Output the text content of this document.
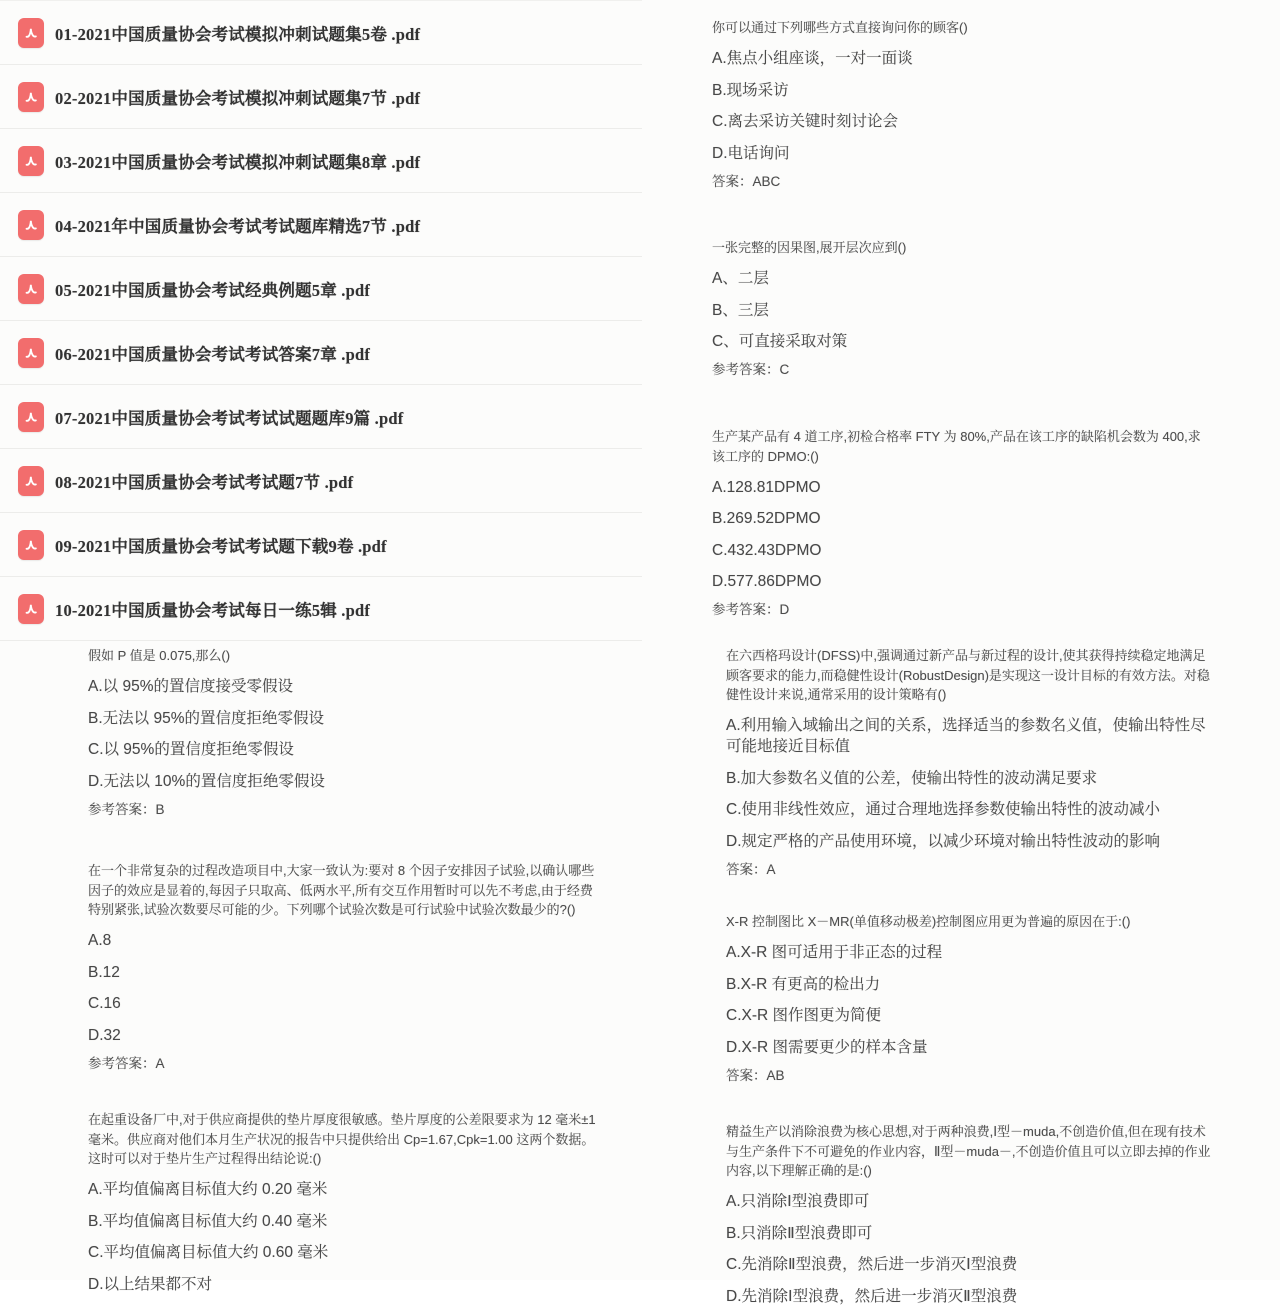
01-2021中国质量协会考试模拟冲刺试题集5卷 .pdf
02-2021中国质量协会考试模拟冲刺试题集7节 .pdf
03-2021中国质量协会考试模拟冲刺试题集8章 .pdf
04-2021年中国质量协会考试考试题库精选7节 .pdf
05-2021中国质量协会考试经典例题5章 .pdf
06-2021中国质量协会考试考试答案7章 .pdf
07-2021中国质量协会考试考试试题题库9篇 .pdf
08-2021中国质量协会考试考试题7节 .pdf
09-2021中国质量协会考试考试题下载9卷 .pdf
10-2021中国质量协会考试每日一练5辑 .pdf
假如 P 值是 0.075,那么()
A.以 95%的置信度接受零假设
B.无法以 95%的置信度拒绝零假设
C.以 95%的置信度拒绝零假设
D.无法以 10%的置信度拒绝零假设
参考答案：B
在一个非常复杂的过程改造项目中,大家一致认为:要对 8 个因子安排因子试验,以确认哪些因子的效应是显着的,每因子只取高、低两水平,所有交互作用暂时可以先不考虑,由于经费特别紧张,试验次数要尽可能的少。下列哪个试验次数是可行试验中试验次数最少的?()
A.8
B.12
C.16
D.32
参考答案：A
在起重设备厂中,对于供应商提供的垫片厚度很敏感。垫片厚度的公差限要求为 12 毫米±1 毫米。供应商对他们本月生产状况的报告中只提供给出 Cp=1.67,Cpk=1.00 这两个数据。这时可以对于垫片生产过程得出结论说:()
A.平均值偏离目标值大约 0.20 毫米
B.平均值偏离目标值大约 0.40 毫米
C.平均值偏离目标值大约 0.60 毫米
D.以上结果都不对
你可以通过下列哪些方式直接询问你的顾客()
A.焦点小组座谈，一对一面谈
B.现场采访
C.离去采访关键时刻讨论会
D.电话询问
答案：ABC
一张完整的因果图,展开层次应到()
A、二层
B、三层
C、可直接采取对策
参考答案：C
生产某产品有 4 道工序,初检合格率 FTY 为 80%,产品在该工序的缺陷机会数为 400,求该工序的 DPMO:()
A.128.81DPMO
B.269.52DPMO
C.432.43DPMO
D.577.86DPMO
参考答案：D
在六西格玛设计(DFSS)中,强调通过新产品与新过程的设计,使其获得持续稳定地满足顾客要求的能力,而稳健性设计(RobustDesign)是实现这一设计目标的有效方法。对稳健性设计来说,通常采用的设计策略有()
A.利用输入域输出之间的关系，选择适当的参数名义值，使输出特性尽可能地接近目标值
B.加大参数名义值的公差，使输出特性的波动满足要求
C.使用非线性效应，通过合理地选择参数使输出特性的波动减小
D.规定严格的产品使用环境，以减少环境对输出特性波动的影响
答案：A
X-R 控制图比 X－MR(单值移动极差)控制图应用更为普遍的原因在于:()
A.X-R 图可适用于非正态的过程
B.X-R 有更高的检出力
C.X-R 图作图更为简便
D.X-R 图需要更少的样本含量
答案：AB
精益生产以消除浪费为核心思想,对于两种浪费,Ⅰ型－muda,不创造价值,但在现有技术与生产条件下不可避免的作业内容，Ⅱ型－muda－,不创造价值且可以立即去掉的作业内容,以下理解正确的是:()
A.只消除Ⅰ型浪费即可
B.只消除Ⅱ型浪费即可
C.先消除Ⅱ型浪费，然后进一步消灭Ⅰ型浪费
D.先消除Ⅰ型浪费，然后进一步消灭Ⅱ型浪费
